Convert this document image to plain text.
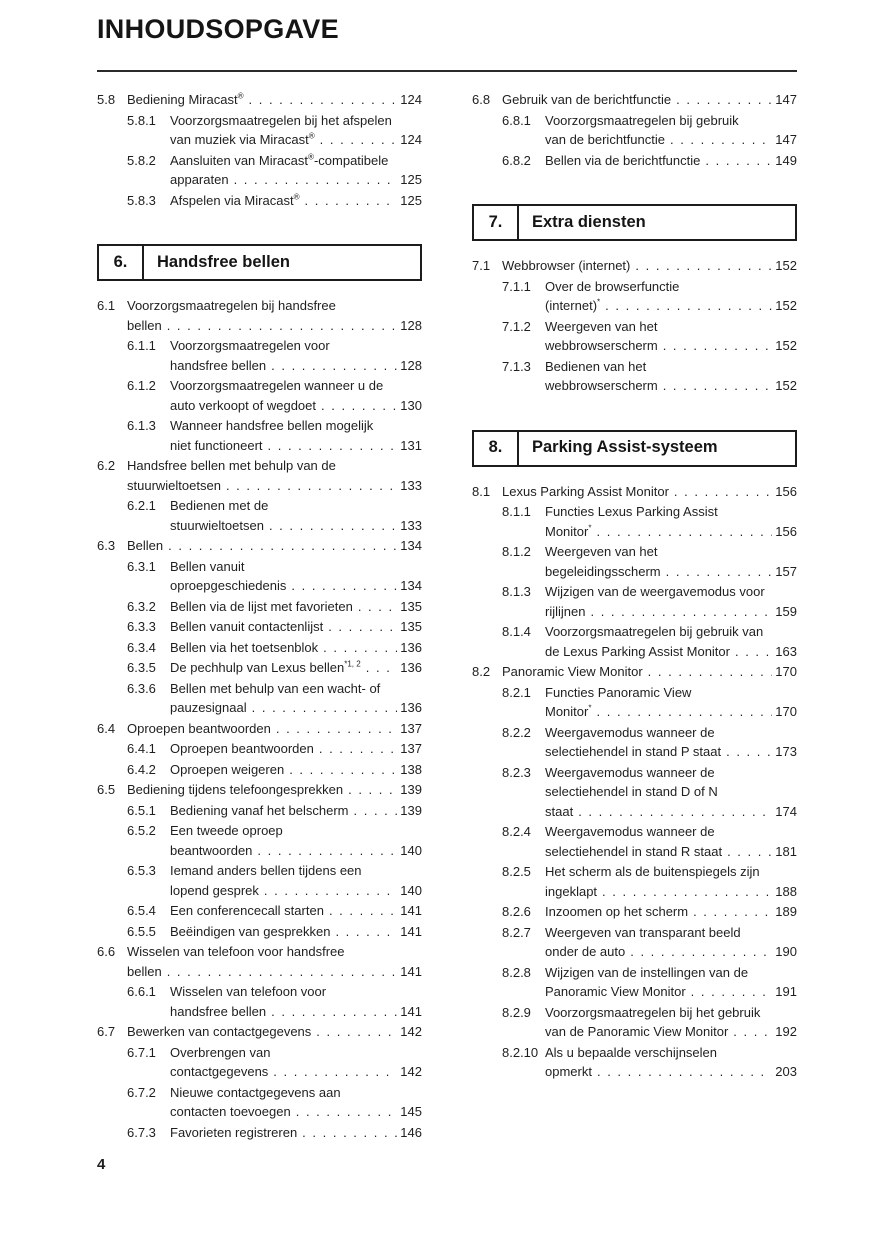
INHOUDSOPGAVE
5.8 Bediening Miracast® . . .	124
5.8.1	Voorzorgsmaatregelen bij het afspelen
van muziek via Miracast® . . .	124
5.8.2	Aansluiten van Miracast®-compatibele
apparaten . . .	125
5.8.3	Afspelen via Miracast® . . .	125
6.	Handsfree bellen
6.1 Voorzorgsmaatregelen bij handsfree
bellen . . .	128
6.1.1	Voorzorgsmaatregelen voor
handsfree bellen . . .	128
6.1.2	Voorzorgsmaatregelen wanneer u de
auto verkoopt of wegdoet . . .	130
6.1.3	Wanneer handsfree bellen mogelijk
niet functioneert . . .	131
6.2 Handsfree bellen met behulp van de
stuurwieltoetsen . . .	133
6.2.1	Bedienen met de
stuurwieltoetsen . . .	133
6.3 Bellen . . .	134
6.3.1	Bellen vanuit
oproepgeschiedenis . . .	134
6.3.2	Bellen via de lijst met favorieten . . .	135
6.3.3	Bellen vanuit contactenlijst . . .	135
6.3.4	Bellen via het toetsenblok . . .	136
6.3.5	De pechhulp van Lexus bellen$^{*1, 2}$ . . .	136
6.3.6	Bellen met behulp van een wacht- of
pauzesignaal . . .	136
6.4 Oproepen beantwoorden . . .	137
6.4.1	Oproepen beantwoorden . . .	137
6.4.2	Oproepen weigeren . . .	138
6.5 Bediening tijdens telefoongesprekken . . .	139
6.5.1	Bediening vanaf het belscherm . . .	139
6.5.2	Een tweede oproep
beantwoorden . . .	140
6.5.3	Iemand anders bellen tijdens een
lopend gesprek . . .	140
6.5.4	Een conferencecall starten . . .	141
6.5.5	Beëindigen van gesprekken . . .	141
6.6 Wisselen van telefoon voor handsfree
bellen . . .	141
6.6.1	Wisselen van telefoon voor
handsfree bellen . . .	141
6.7 Bewerken van contactgegevens . . .	142
6.7.1	Overbrengen van
contactgegevens . . .	142
6.7.2	Nieuwe contactgegevens aan
contacten toevoegen . . .	145
6.7.3	Favorieten registreren . . .	146
6.8 Gebruik van de berichtfunctie . . .	147
6.8.1	Voorzorgsmaatregelen bij gebruik
van de berichtfunctie . . .	147
6.8.2	Bellen via de berichtfunctie . . .	149
7.	Extra diensten
7.1 Webbrowser (internet) . . .	152
7.1.1	Over de browserfunctie
(internet)* . . .	152
7.1.2	Weergeven van het
webbrowserscherm . . .	152
7.1.3	Bedienen van het
webbrowserscherm . . .	152
8.	Parking Assist-systeem
8.1 Lexus Parking Assist Monitor . . .	156
8.1.1	Functies Lexus Parking Assist
Monitor* . . .	156
8.1.2	Weergeven van het
begeleidingsscherm . . .	157
8.1.3	Wijzigen van de weergavemodus voor
rijlijnen . . .	159
8.1.4	Voorzorgsmaatregelen bij gebruik van
de Lexus Parking Assist Monitor . . .	163
8.2 Panoramic View Monitor . . .	170
8.2.1	Functies Panoramic View
Monitor* . . .	170
8.2.2	Weergavemodus wanneer de
selectiehendel in stand P staat . . .	173
8.2.3	Weergavemodus wanneer de
selectiehendel in stand D of N
staat . . .	174
8.2.4	Weergavemodus wanneer de
selectiehendel in stand R staat . . .	181
8.2.5	Het scherm als de buitenspiegels zijn
ingeklapt . . .	188
8.2.6	Inzoomen op het scherm . . .	189
8.2.7	Weergeven van transparant beeld
onder de auto . . .	190
8.2.8	Wijzigen van de instellingen van de
Panoramic View Monitor . . .	191
8.2.9	Voorzorgsmaatregelen bij het gebruik
van de Panoramic View Monitor . . .	192
8.2.10 Als u bepaalde verschijnselen
opmerkt . . .	203
4
